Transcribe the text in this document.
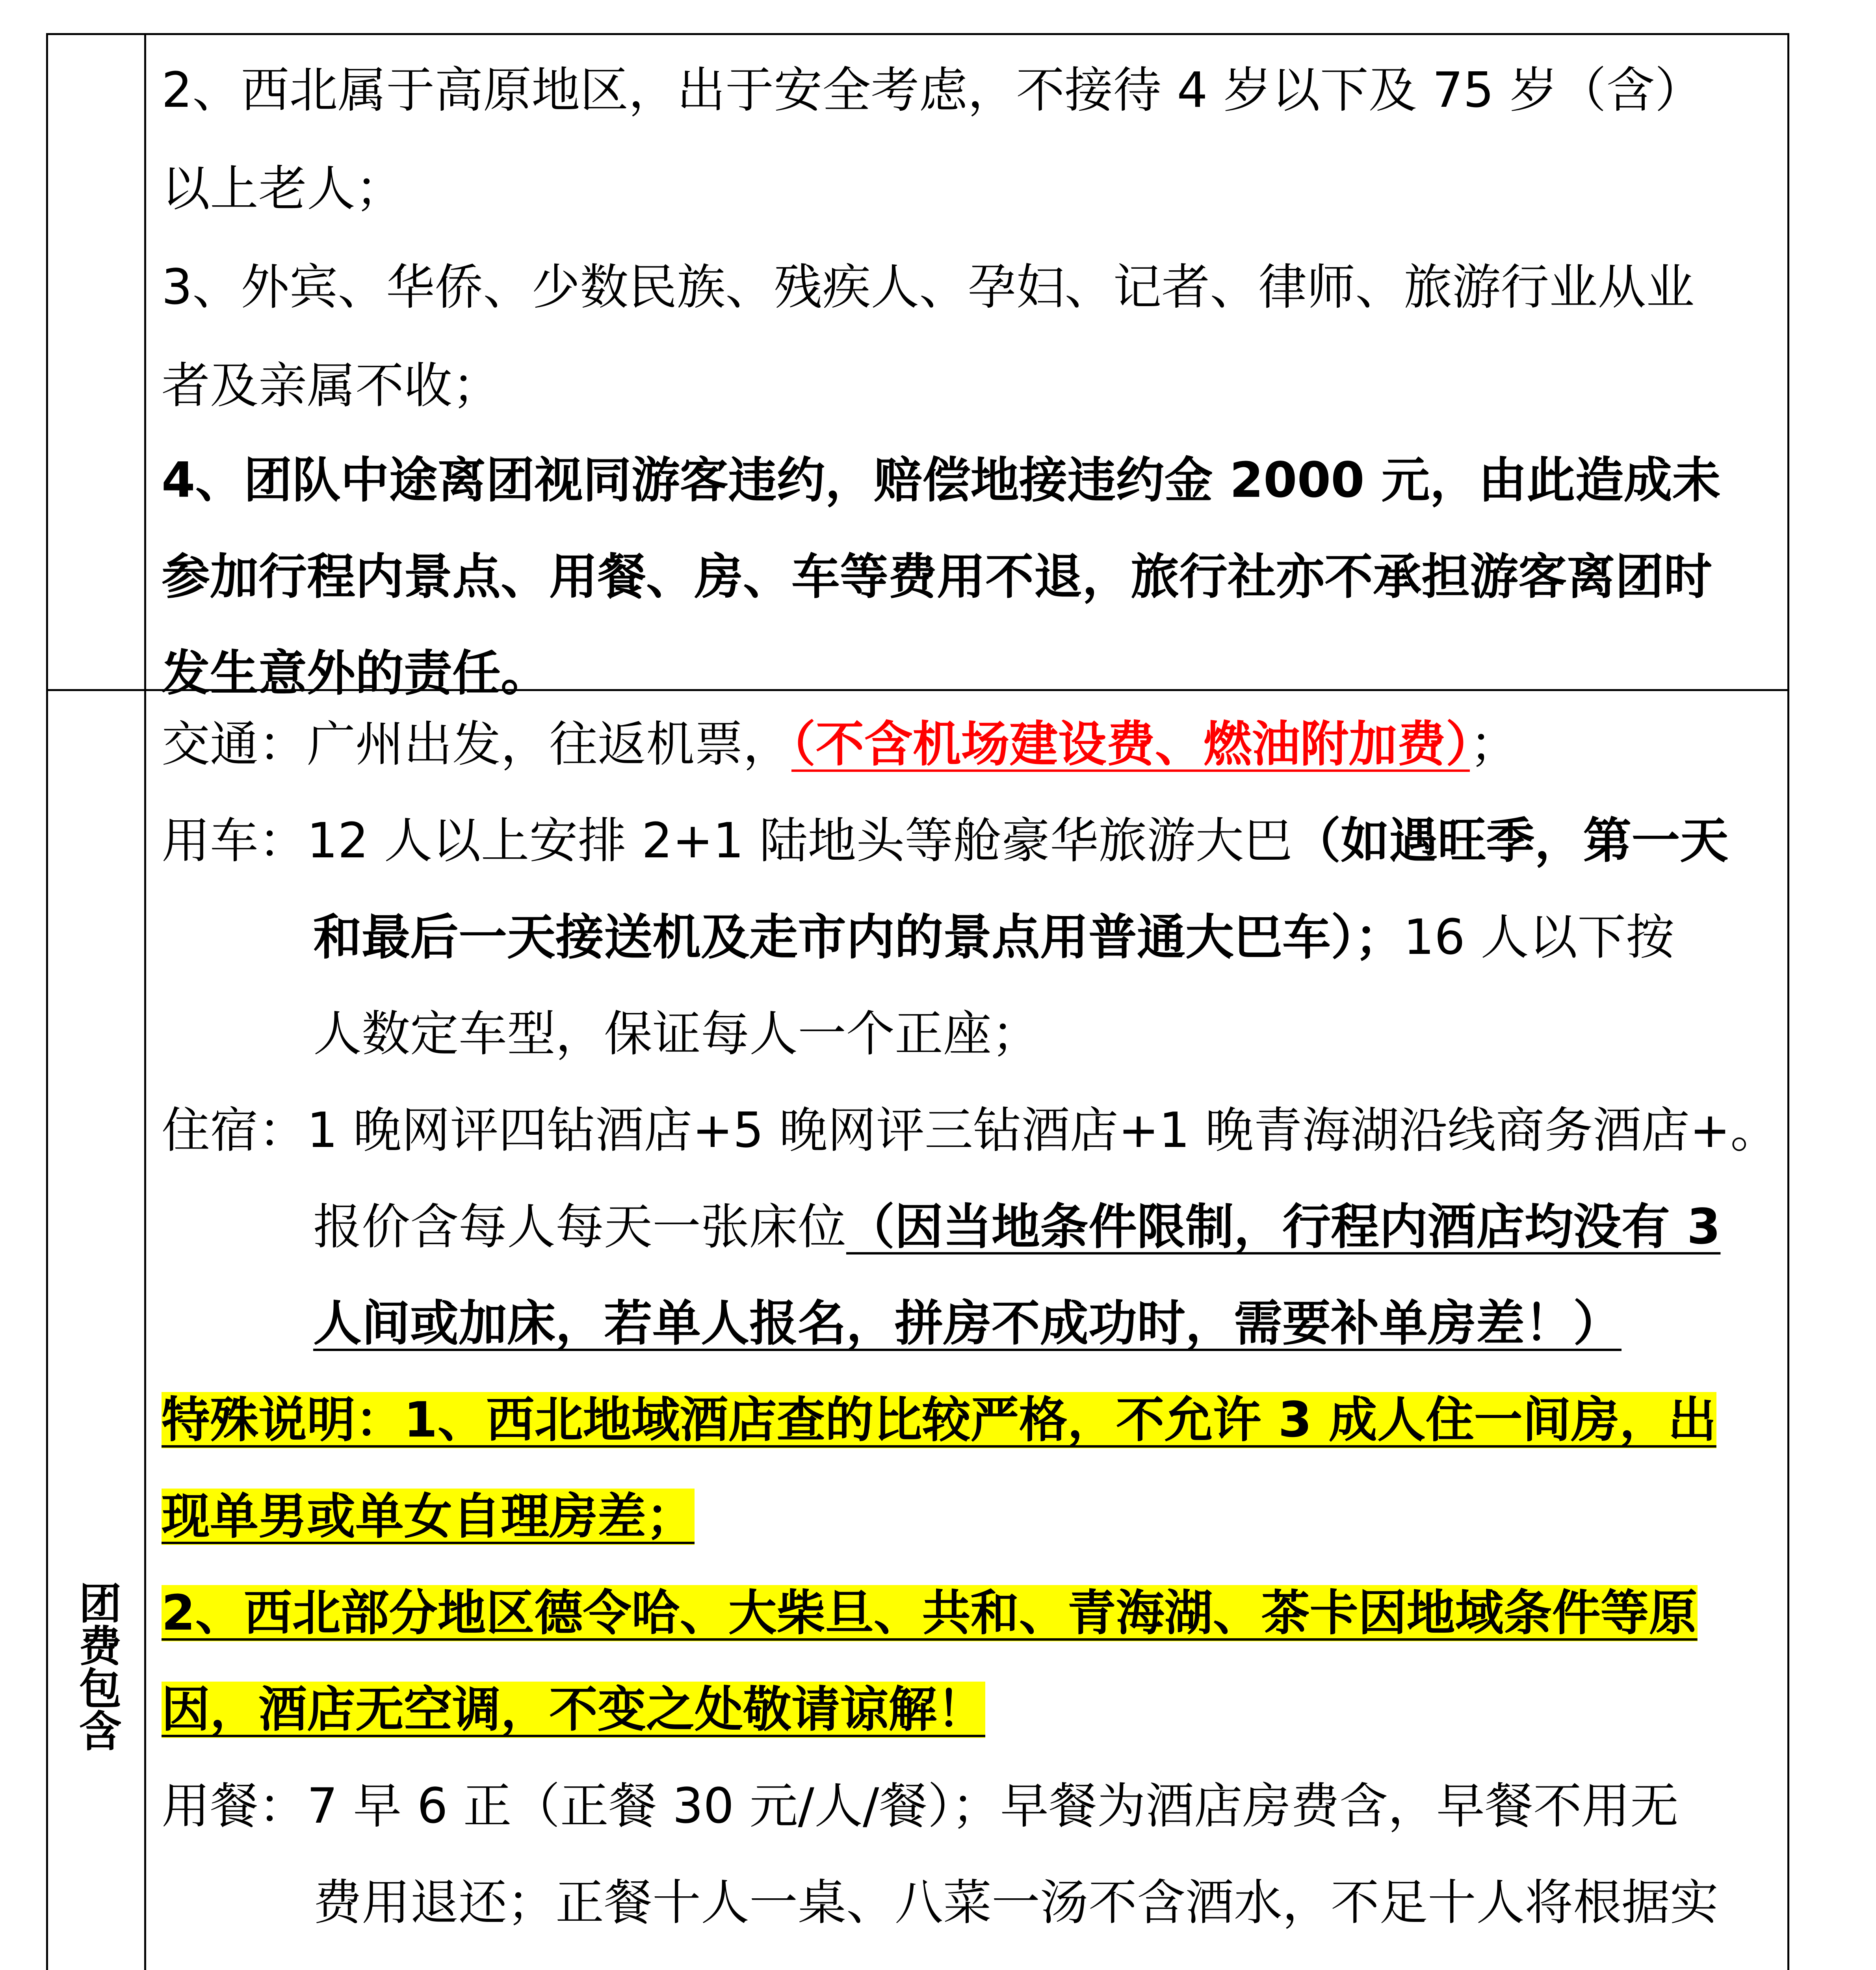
团费包含
2、西北属于高原地区，出于安全考虑，不接待 4 岁以下及 75 岁（含）
以上老人；
3、外宾、华侨、少数民族、残疾人、孕妇、记者、律师、旅游行业从业
者及亲属不收；
4、团队中途离团视同游客违约，赔偿地接违约金 2000 元，由此造成未
参加行程内景点、用餐、房、车等费用不退，旅行社亦不承担游客离团时
发生意外的责任。
交通：广州出发，往返机票，（不含机场建设费、燃油附加费）；
用车：12 人以上安排 2+1 陆地头等舱豪华旅游大巴（如遇旺季，第一天
和最后一天接送机及走市内的景点用普通大巴车）；16 人以下按
人数定车型，保证每人一个正座；
住宿：1 晚网评四钻酒店+5 晚网评三钻酒店+1 晚青海湖沿线商务酒店+。
报价含每人每天一张床位（因当地条件限制，行程内酒店均没有 3
人间或加床，若单人报名，拼房不成功时，需要补单房差！）
特殊说明：1、西北地域酒店查的比较严格，不允许 3 成人住一间房，出
现单男或单女自理房差；
2、西北部分地区德令哈、大柴旦、共和、青海湖、茶卡因地域条件等原
因，酒店无空调，不变之处敬请谅解！
用餐：7 早 6 正（正餐 30 元/人/餐）；早餐为酒店房费含，早餐不用无
费用退还；正餐十人一桌、八菜一汤不含酒水，不足十人将根据实
